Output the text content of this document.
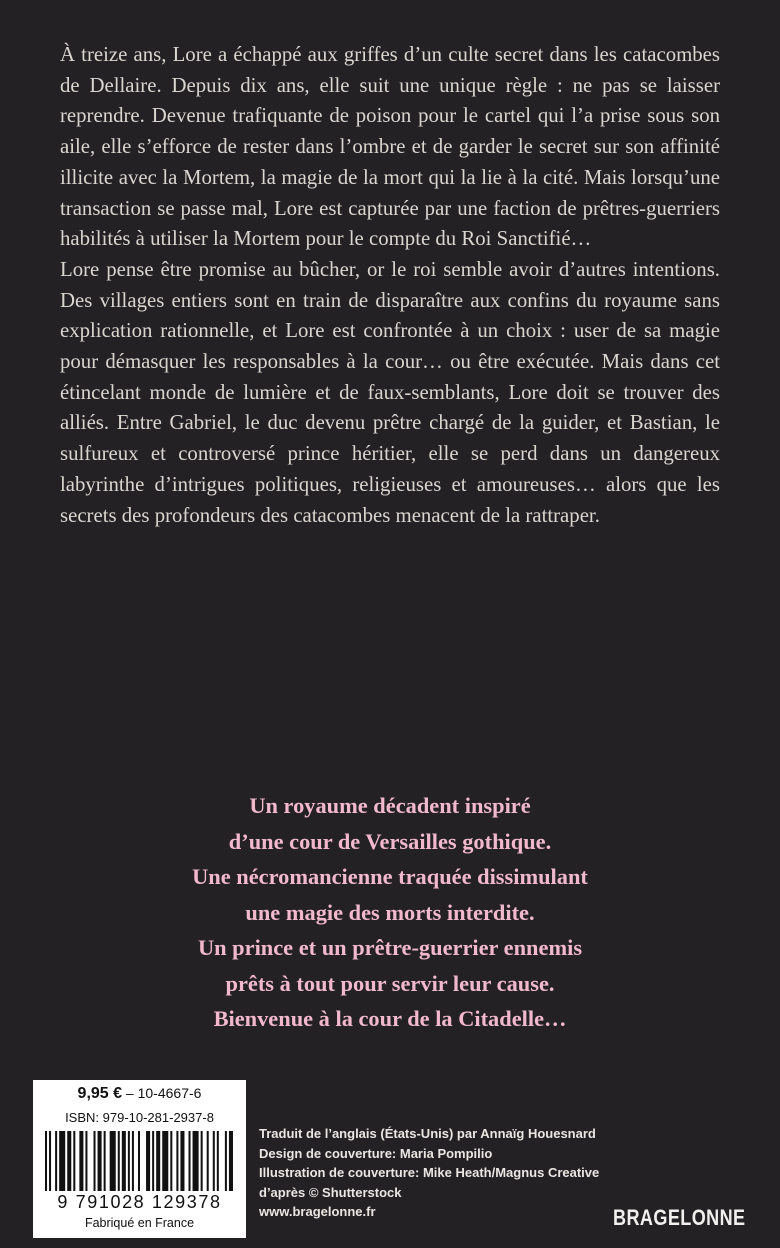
À treize ans, Lore a échappé aux griffes d’un culte secret dans les catacombes de Dellaire. Depuis dix ans, elle suit une unique règle : ne pas se laisser reprendre. Devenue trafiquante de poison pour le cartel qui l’a prise sous son aile, elle s’efforce de rester dans l’ombre et de garder le secret sur son affinité illicite avec la Mortem, la magie de la mort qui la lie à la cité. Mais lorsqu’une transaction se passe mal, Lore est capturée par une faction de prêtres-guerriers habilités à utiliser la Mortem pour le compte du Roi Sanctifié…

Lore pense être promise au bûcher, or le roi semble avoir d’autres intentions. Des villages entiers sont en train de disparaître aux confins du royaume sans explication rationnelle, et Lore est confrontée à un choix : user de sa magie pour démasquer les responsables à la cour… ou être exécutée. Mais dans cet étincelant monde de lumière et de faux-semblants, Lore doit se trouver des alliés. Entre Gabriel, le duc devenu prêtre chargé de la guider, et Bastian, le sulfureux et controversé prince héritier, elle se perd dans un dangereux labyrinthe d’intrigues politiques, religieuses et amoureuses… alors que les secrets des profondeurs des catacombes menacent de la rattraper.

Un royaume décadent inspiré
d’une cour de Versailles gothique.
Une nécromancienne traquée dissimulant
une magie des morts interdite.
Un prince et un prêtre-guerrier ennemis
prêts à tout pour servir leur cause.
Bienvenue à la cour de la Citadelle…
9,95 € – 10-4667-6
ISBN: 979-10-281-2937-8
9 791028 129378
Fabriqué en France
Traduit de l’anglais (États-Unis) par Annaïg Houesnard
Design de couverture: Maria Pompilio
Illustration de couverture: Mike Heath/Magnus Creative
d’après © Shutterstock
www.bragelonne.fr	BRAGELONNE
